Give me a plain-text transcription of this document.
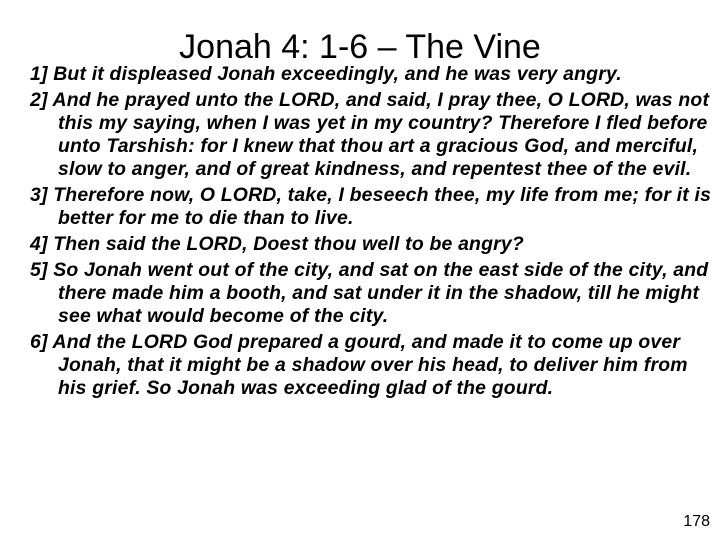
Jonah 4: 1-6 – The Vine
1] But it displeased Jonah exceedingly, and he was very angry.
2] And he prayed unto the LORD, and said, I pray thee, O LORD, was not this my saying, when I was yet in my country? Therefore I fled before unto Tarshish: for I knew that thou art a gracious God, and merciful, slow to anger, and of great kindness, and repentest thee of the evil.
3] Therefore now, O LORD, take, I beseech thee, my life from me; for it is better for me to die than to live.
4] Then said the LORD, Doest thou well to be angry?
5] So Jonah went out of the city, and sat on the east side of the city, and there made him a booth, and sat under it in the shadow, till he might see what would become of the city.
6] And the LORD God prepared a gourd, and made it to come up over Jonah, that it might be a shadow over his head, to deliver him from his grief. So Jonah was exceeding glad of the gourd.
178
